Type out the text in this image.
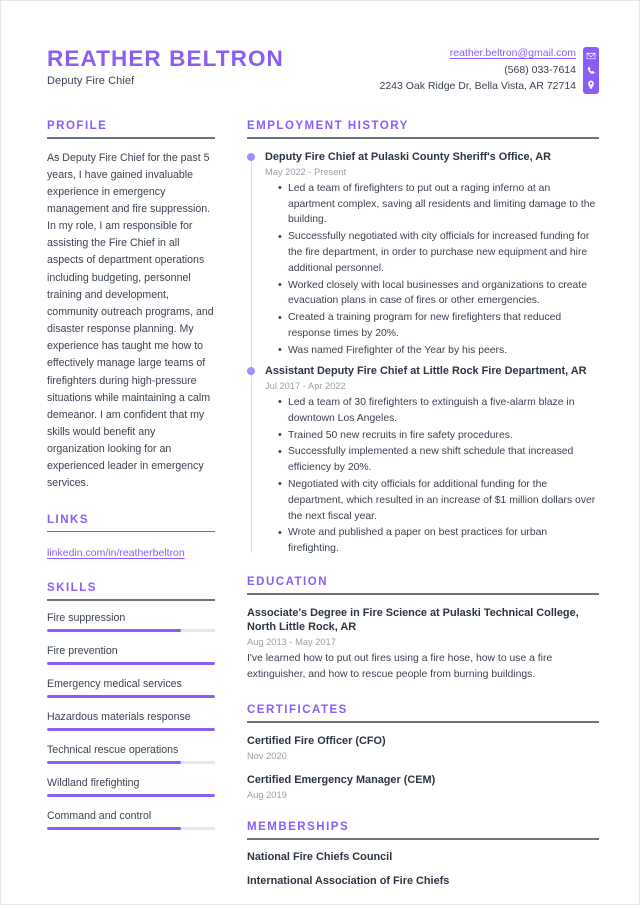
REATHER BELTRON
Deputy Fire Chief
reather.beltron@gmail.com
(568) 033-7614
2243 Oak Ridge Dr, Bella Vista, AR 72714
PROFILE
As Deputy Fire Chief for the past 5 years, I have gained invaluable experience in emergency management and fire suppression. In my role, I am responsible for assisting the Fire Chief in all aspects of department operations including budgeting, personnel training and development, community outreach programs, and disaster response planning. My experience has taught me how to effectively manage large teams of firefighters during high-pressure situations while maintaining a calm demeanor. I am confident that my skills would benefit any organization looking for an experienced leader in emergency services.
LINKS
linkedin.com/in/reatherbeltron
SKILLS
Fire suppression
Fire prevention
Emergency medical services
Hazardous materials response
Technical rescue operations
Wildland firefighting
Command and control
EMPLOYMENT HISTORY
Deputy Fire Chief at Pulaski County Sheriff's Office, AR
May 2022 - Present
• Led a team of firefighters to put out a raging inferno at an apartment complex, saving all residents and limiting damage to the building.
• Successfully negotiated with city officials for increased funding for the fire department, in order to purchase new equipment and hire additional personnel.
• Worked closely with local businesses and organizations to create evacuation plans in case of fires or other emergencies.
• Created a training program for new firefighters that reduced response times by 20%.
• Was named Firefighter of the Year by his peers.
Assistant Deputy Fire Chief at Little Rock Fire Department, AR
Jul 2017 - Apr 2022
• Led a team of 30 firefighters to extinguish a five-alarm blaze in downtown Los Angeles.
• Trained 50 new recruits in fire safety procedures.
• Successfully implemented a new shift schedule that increased efficiency by 20%.
• Negotiated with city officials for additional funding for the department, which resulted in an increase of $1 million dollars over the next fiscal year.
• Wrote and published a paper on best practices for urban firefighting.
EDUCATION
Associate's Degree in Fire Science at Pulaski Technical College, North Little Rock, AR
Aug 2013 - May 2017
I've learned how to put out fires using a fire hose, how to use a fire extinguisher, and how to rescue people from burning buildings.
CERTIFICATES
Certified Fire Officer (CFO)
Nov 2020
Certified Emergency Manager (CEM)
Aug 2019
MEMBERSHIPS
National Fire Chiefs Council
International Association of Fire Chiefs
